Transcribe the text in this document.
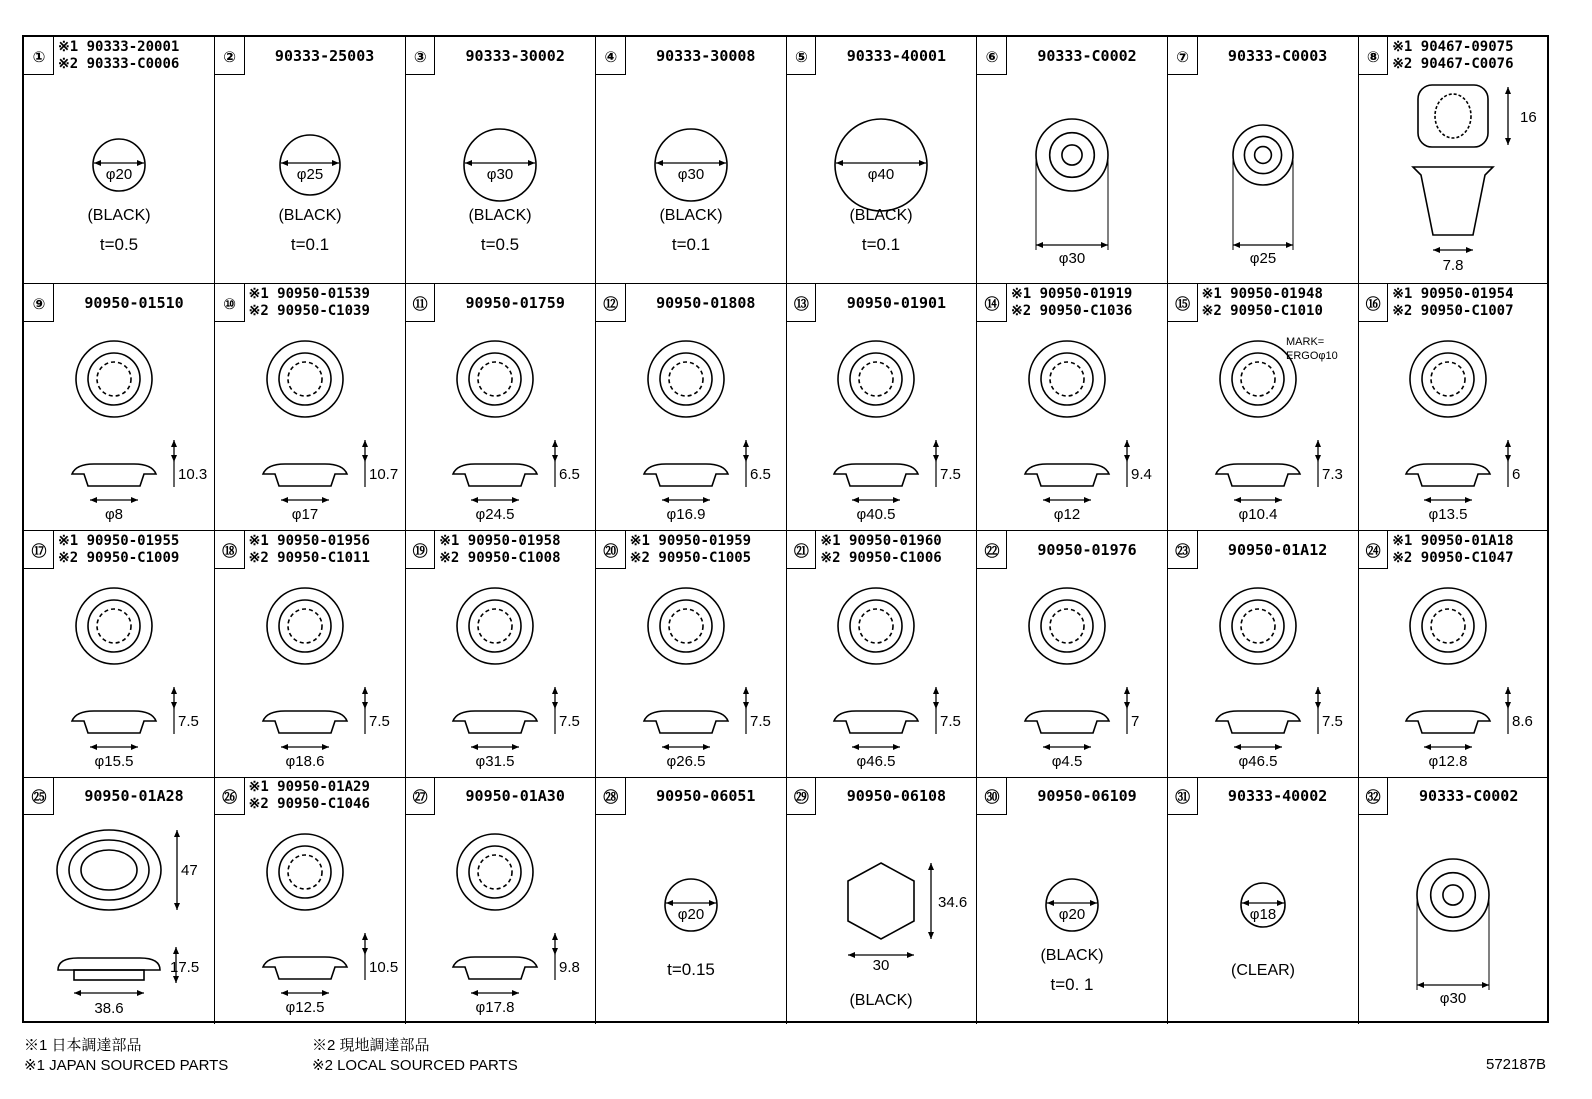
①
※1 90333-20001
※2 90333-C0006
φ20
(BLACK)
t=0.5
②	90333-25003
φ25
(BLACK)
t=0.1
③	90333-30002
φ30
(BLACK)
t=0.5
④	90333-30008
φ30
(BLACK)
t=0.1
⑤	90333-40001
φ40
(BLACK)
t=0.1
⑥	90333-C0002
φ30
⑦	90333-C0003
φ25
⑧
※1 90467-09075
※2 90467-C0076
16
7.8
⑨	90950-01510
10.3
φ8
⑩
※1 90950-01539
※2 90950-C1039
10.7
φ17
⑪	90950-01759
6.5
φ24.5
⑫	90950-01808
6.5
φ16.9
⑬	90950-01901
7.5
φ40.5
⑭
※1 90950-01919
※2 90950-C1036
9.4
φ12
⑮
※1 90950-01948
※2 90950-C1010
7.3
φ10.4
MARK=
ERGOφ10
⑯
※1 90950-01954
※2 90950-C1007
6
φ13.5
⑰
※1 90950-01955
※2 90950-C1009
7.5
φ15.5
⑱
※1 90950-01956
※2 90950-C1011
7.5
φ18.6
⑲
※1 90950-01958
※2 90950-C1008
7.5
φ31.5
⑳
※1 90950-01959
※2 90950-C1005
7.5
φ26.5
㉑
※1 90950-01960
※2 90950-C1006
7.5
φ46.5
㉒	90950-01976
7
φ4.5
㉓	90950-01A12
7.5
φ46.5
㉔
※1 90950-01A18
※2 90950-C1047
8.6
φ12.8
㉕	90950-01A28
47
17.5
38.6
㉖
※1 90950-01A29
※2 90950-C1046
10.5
φ12.5
㉗	90950-01A30
9.8
φ17.8
㉘	90950-06051
φ20
t=0.15
㉙	90950-06108
34.6
30
(BLACK)
㉚	90950-06109
φ20
(BLACK)
t=0. 1
㉛	90333-40002
φ18
(CLEAR)
㉜	90333-C0002
φ30
※1 日本調達部品
※1 JAPAN SOURCED PARTS
※2 現地調達部品
※2 LOCAL SOURCED PARTS	572187B
